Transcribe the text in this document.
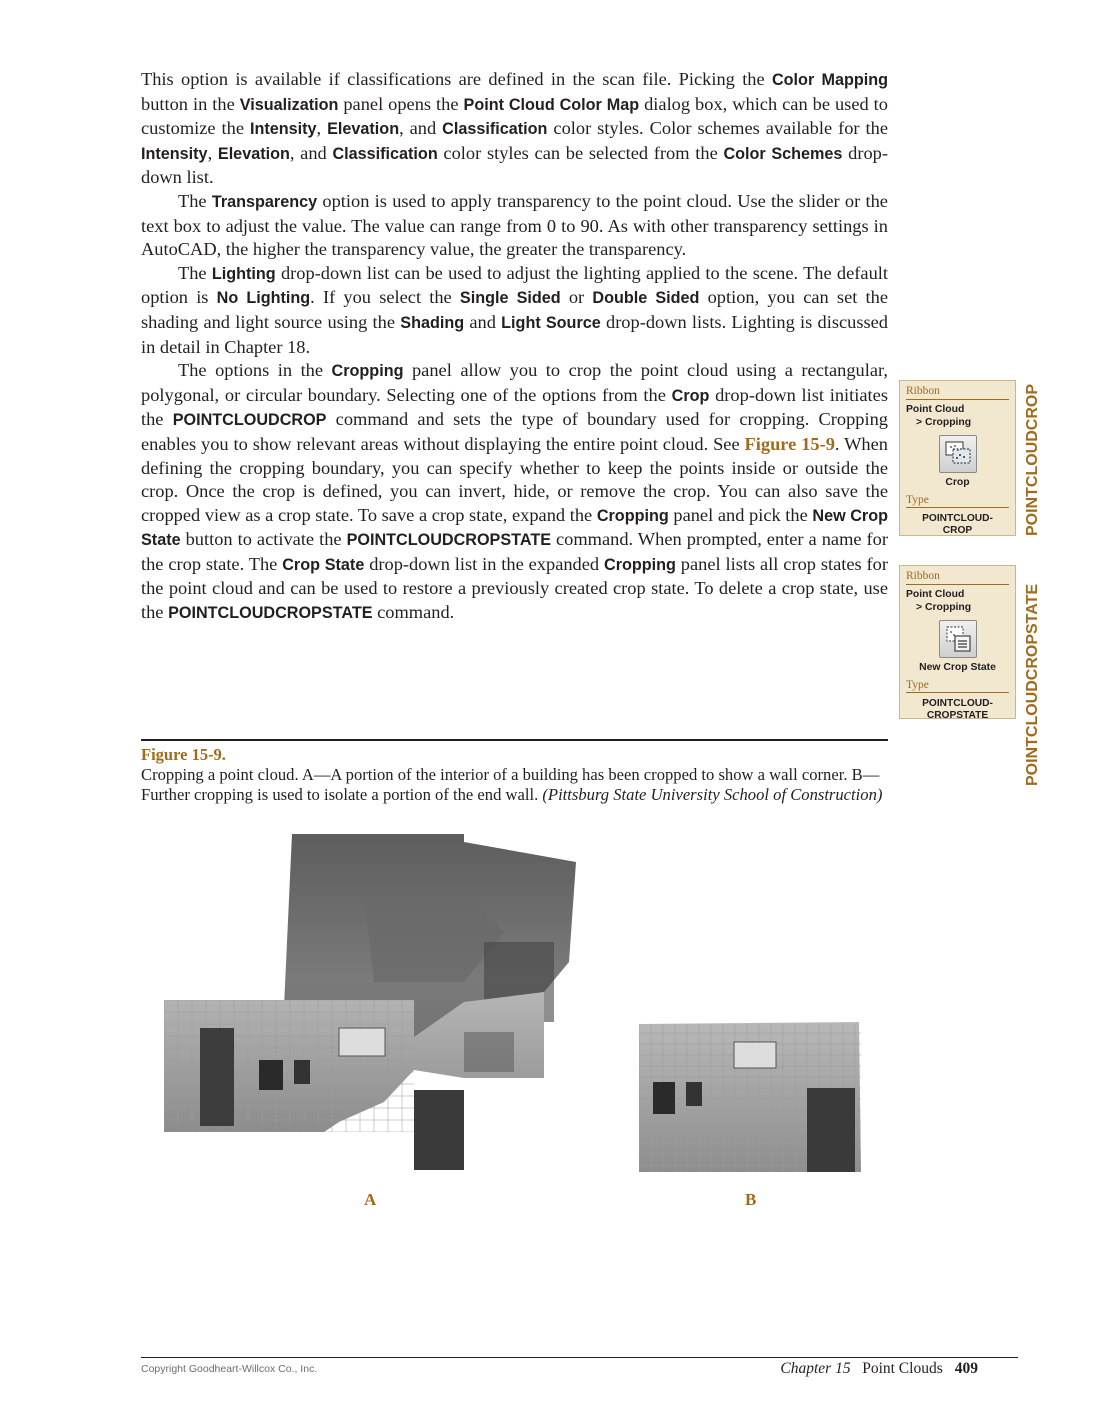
This option is available if classifications are defined in the scan file. Picking the Color Mapping button in the Visualization panel opens the Point Cloud Color Map dialog box, which can be used to customize the Intensity, Elevation, and Classification color styles. Color schemes available for the Intensity, Elevation, and Classification color styles can be selected from the Color Schemes drop-down list.

The Transparency option is used to apply transparency to the point cloud. Use the slider or the text box to adjust the value. The value can range from 0 to 90. As with other transparency settings in AutoCAD, the higher the transparency value, the greater the transparency.

The Lighting drop-down list can be used to adjust the lighting applied to the scene. The default option is No Lighting. If you select the Single Sided or Double Sided option, you can set the shading and light source using the Shading and Light Source drop-down lists. Lighting is discussed in detail in Chapter 18.

The options in the Cropping panel allow you to crop the point cloud using a rectangular, polygonal, or circular boundary. Selecting one of the options from the Crop drop-down list initiates the POINTCLOUDCROP command and sets the type of boundary used for cropping. Cropping enables you to show relevant areas without displaying the entire point cloud. See Figure 15-9. When defining the cropping boundary, you can specify whether to keep the points inside or outside the crop. Once the crop is defined, you can invert, hide, or remove the crop. You can also save the cropped view as a crop state. To save a crop state, expand the Cropping panel and pick the New Crop State button to activate the POINTCLOUDCROPSTATE command. When prompted, enter a name for the crop state. The Crop State drop-down list in the expanded Cropping panel lists all crop states for the point cloud and can be used to restore a previously created crop state. To delete a crop state, use the POINTCLOUDCROPSTATE command.

Ribbon
Point Cloud
> Cropping
Crop
Type
POINTCLOUD-
CROP
Ribbon
Point Cloud
> Cropping
New Crop State
Type
POINTCLOUD-
CROPSTATE
POINTCLOUDCROP
POINTCLOUDCROPSTATE
Figure 15-9.
Cropping a point cloud. A—A portion of the interior of a building has been cropped to show a wall corner. B—Further cropping is used to isolate a portion of the end wall. (Pittsburg State University School of Construction)
A	B
Copyright Goodheart-Willcox Co., Inc.	Chapter 15 Point Clouds 409
